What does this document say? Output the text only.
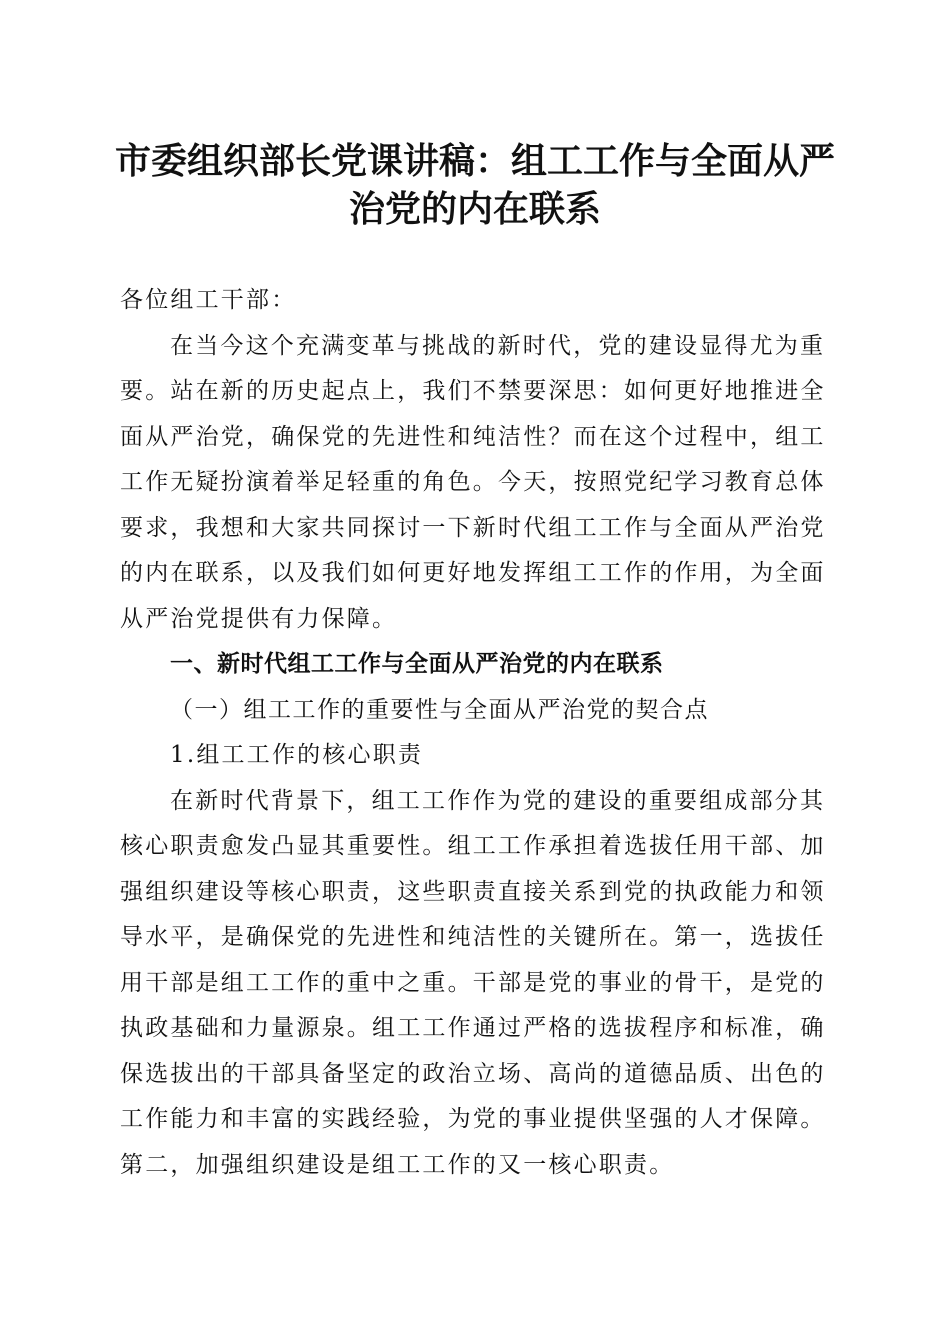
市委组织部长党课讲稿：组工工作与全面从严
治党的内在联系

各位组工干部：

在当今这个充满变革与挑战的新时代，党的建设显得尤为重要。站在新的历史起点上，我们不禁要深思：如何更好地推进全面从严治党，确保党的先进性和纯洁性？而在这个过程中，组工工作无疑扮演着举足轻重的角色。今天，按照党纪学习教育总体要求，我想和大家共同探讨一下新时代组工工作与全面从严治党的内在联系，以及我们如何更好地发挥组工工作的作用，为全面从严治党提供有力保障。

一、新时代组工工作与全面从严治党的内在联系

（一）组工工作的重要性与全面从严治党的契合点

1.组工工作的核心职责

在新时代背景下，组工工作作为党的建设的重要组成部分其核心职责愈发凸显其重要性。组工工作承担着选拔任用干部、加强组织建设等核心职责，这些职责直接关系到党的执政能力和领导水平，是确保党的先进性和纯洁性的关键所在。第一，选拔任用干部是组工工作的重中之重。干部是党的事业的骨干，是党的执政基础和力量源泉。组工工作通过严格的选拔程序和标准，确保选拔出的干部具备坚定的政治立场、高尚的道德品质、出色的工作能力和丰富的实践经验，为党的事业提供坚强的人才保障。第二，加强组织建设是组工工作的又一核心职责。
